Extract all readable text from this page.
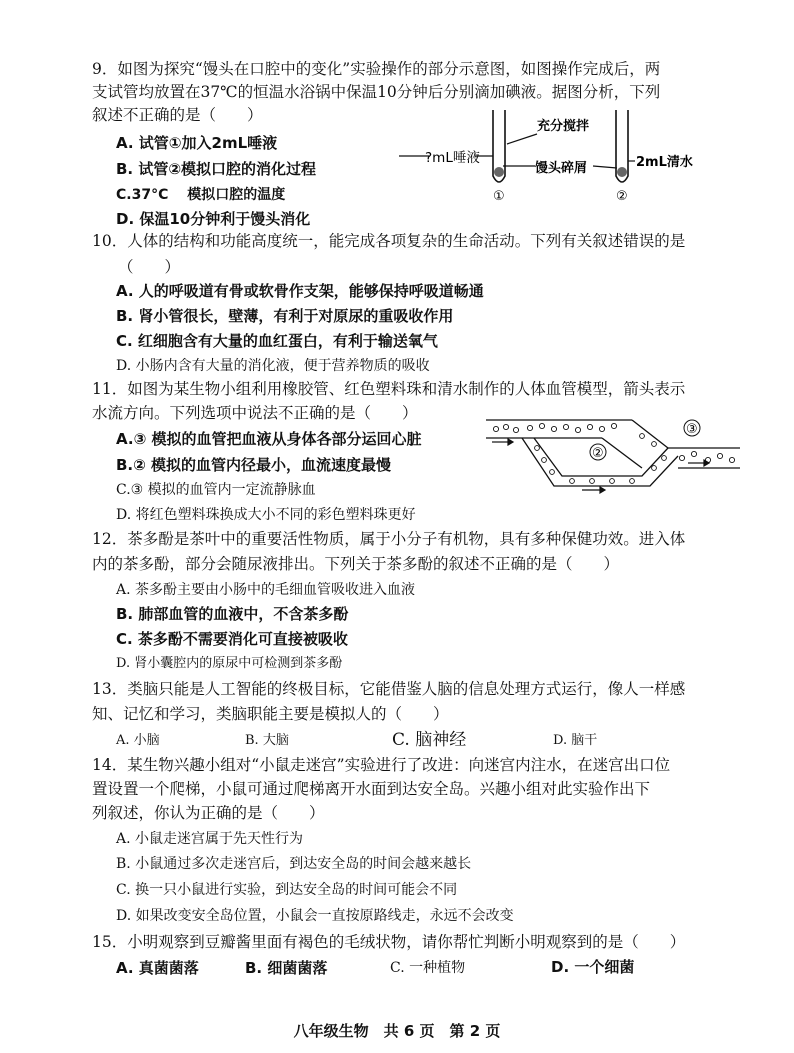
9．如图为探究“馒头在口腔中的变化”实验操作的部分示意图，如图操作完成后，两
支试管均放置在37℃的恒温水浴锅中保温10分钟后分别滴加碘液。据图分析，下列
叙述不正确的是（　　）
A. 试管①加入2mL唾液
B. 试管②模拟口腔的消化过程
C.37°C　 模拟口腔的温度
D. 保温10分钟利于馒头消化
充分搅拌
?mL唾液
馒头碎屑	2mL清水
①	②
10．人体的结构和功能高度统一，能完成各项复杂的生命活动。下列有关叙述错误的是
（　　）
A. 人的呼吸道有骨或软骨作支架，能够保持呼吸道畅通
B. 肾小管很长，壁薄，有利于对原尿的重吸收作用
C. 红细胞含有大量的血红蛋白，有利于输送氧气
D. 小肠内含有大量的消化液，便于营养物质的吸收
11．如图为某生物小组利用橡胶管、红色塑料珠和清水制作的人体血管模型，箭头表示
水流方向。下列选项中说法不正确的是（　　）
A.③ 模拟的血管把血液从身体各部分运回心脏
B.② 模拟的血管内径最小，血流速度最慢
C.③ 模拟的血管内一定流静脉血
D. 将红色塑料珠换成大小不同的彩色塑料珠更好
②
③
12．茶多酚是茶叶中的重要活性物质，属于小分子有机物，具有多种保健功效。进入体
内的茶多酚，部分会随尿液排出。下列关于茶多酚的叙述不正确的是（　　）
A. 茶多酚主要由小肠中的毛细血管吸收进入血液
B. 肺部血管的血液中，不含茶多酚
C. 茶多酚不需要消化可直接被吸收
D. 肾小囊腔内的原尿中可检测到茶多酚
13．类脑只能是人工智能的终极目标，它能借鉴人脑的信息处理方式运行，像人一样感
知、记忆和学习，类脑职能主要是模拟人的（　　）
A. 小脑	B. 大脑	C. 脑神经	D. 脑干
14．某生物兴趣小组对“小鼠走迷宫”实验进行了改进：向迷宫内注水，在迷宫出口位
置设置一个爬梯，小鼠可通过爬梯离开水面到达安全岛。兴趣小组对此实验作出下
列叙述，你认为正确的是（　　）
A. 小鼠走迷宫属于先天性行为
B. 小鼠通过多次走迷宫后，到达安全岛的时间会越来越长
C. 换一只小鼠进行实验，到达安全岛的时间可能会不同
D. 如果改变安全岛位置，小鼠会一直按原路线走，永远不会改变
15．小明观察到豆瓣酱里面有褐色的毛绒状物，请你帮忙判断小明观察到的是（　　）
A. 真菌菌落	B. 细菌菌落	C. 一种植物	D. 一个细菌
八年级生物　共 6 页　第 2 页
